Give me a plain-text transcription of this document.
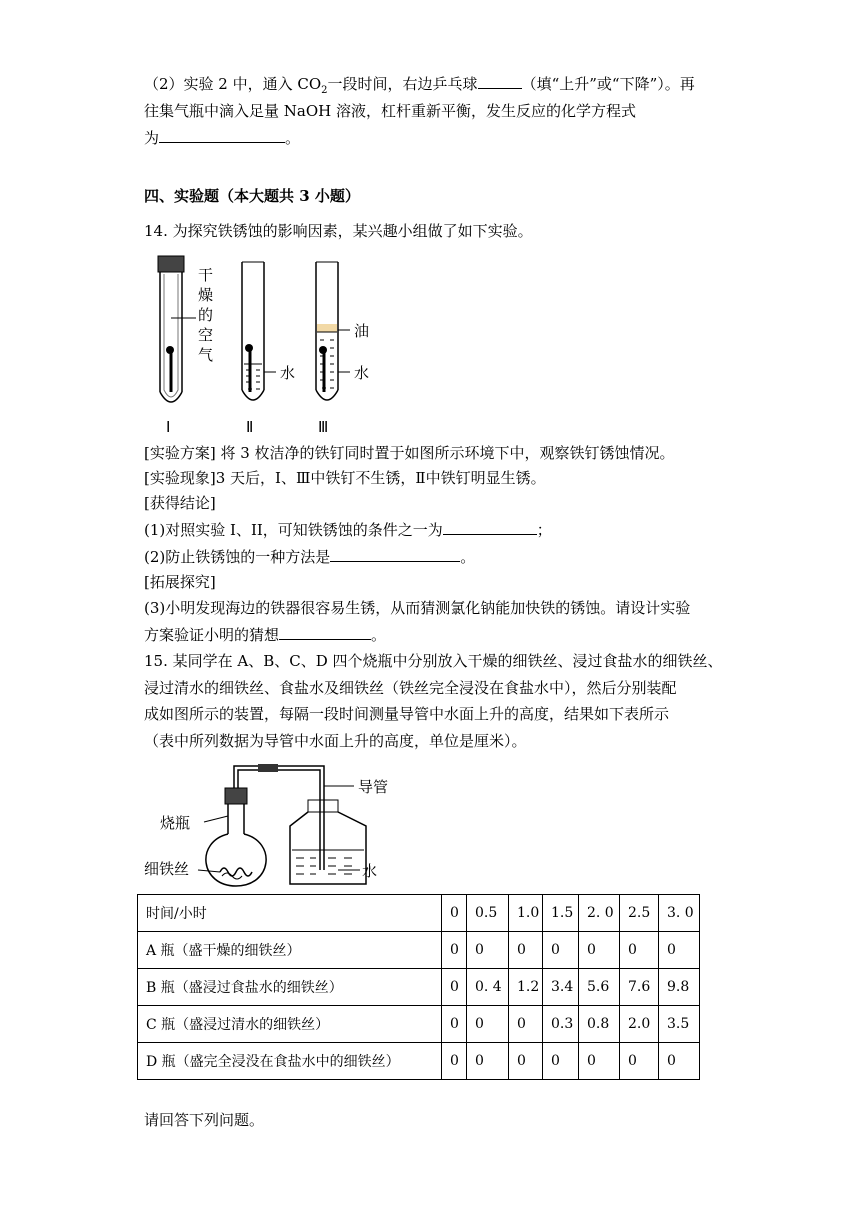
（2）实验 2 中，通入 $CO_2$一段时间，右边乒乓球	（填“上升”或“下降”）。再
往集气瓶中滴入足量 NaOH 溶液，杠杆重新平衡，发生反应的化学方程式
为	。
四、实验题（本大题共 3 小题）
14. 为探究铁锈蚀的影响因素，某兴趣小组做了如下实验。
干
燥
的
空
气
水
油
水
Ⅰ	Ⅱ	Ⅲ
[实验方案] 将 3 枚洁净的铁钉同时置于如图所示环境下中，观察铁钉锈蚀情况。
[实验现象]3 天后，I、Ⅲ中铁钉不生锈，Ⅱ中铁钉明显生锈。
[获得结论]
(1)对照实验 I、II，可知铁锈蚀的条件之一为	；
(2)防止铁锈蚀的一种方法是	。
[拓展探究]
(3)小明发现海边的铁器很容易生锈，从而猜测氯化钠能加快铁的锈蚀。请设计实验
方案验证小明的猜想	。
15. 某同学在 A、B、C、D 四个烧瓶中分别放入干燥的细铁丝、浸过食盐水的细铁丝、
浸过清水的细铁丝、食盐水及细铁丝（铁丝完全浸没在食盐水中），然后分别装配
成如图所示的装置，每隔一段时间测量导管中水面上升的高度，结果如下表所示
（表中所列数据为导管中水面上升的高度，单位是厘米）。
导管
烧瓶
细铁丝	水
时间/小时	0	0.5	1.0	1.5	2. 0	2.5	3. 0
A 瓶（盛干燥的细铁丝）	0	0	0	0	0	0	0
B 瓶（盛浸过食盐水的细铁丝）	0	0. 4	1.2	3.4	5.6	7.6	9.8
C 瓶（盛浸过清水的细铁丝）	0	0	0	0.3	0.8	2.0	3.5
D 瓶（盛完全浸没在食盐水中的细铁丝）	0	0	0	0	0	0	0
请回答下列问题。
